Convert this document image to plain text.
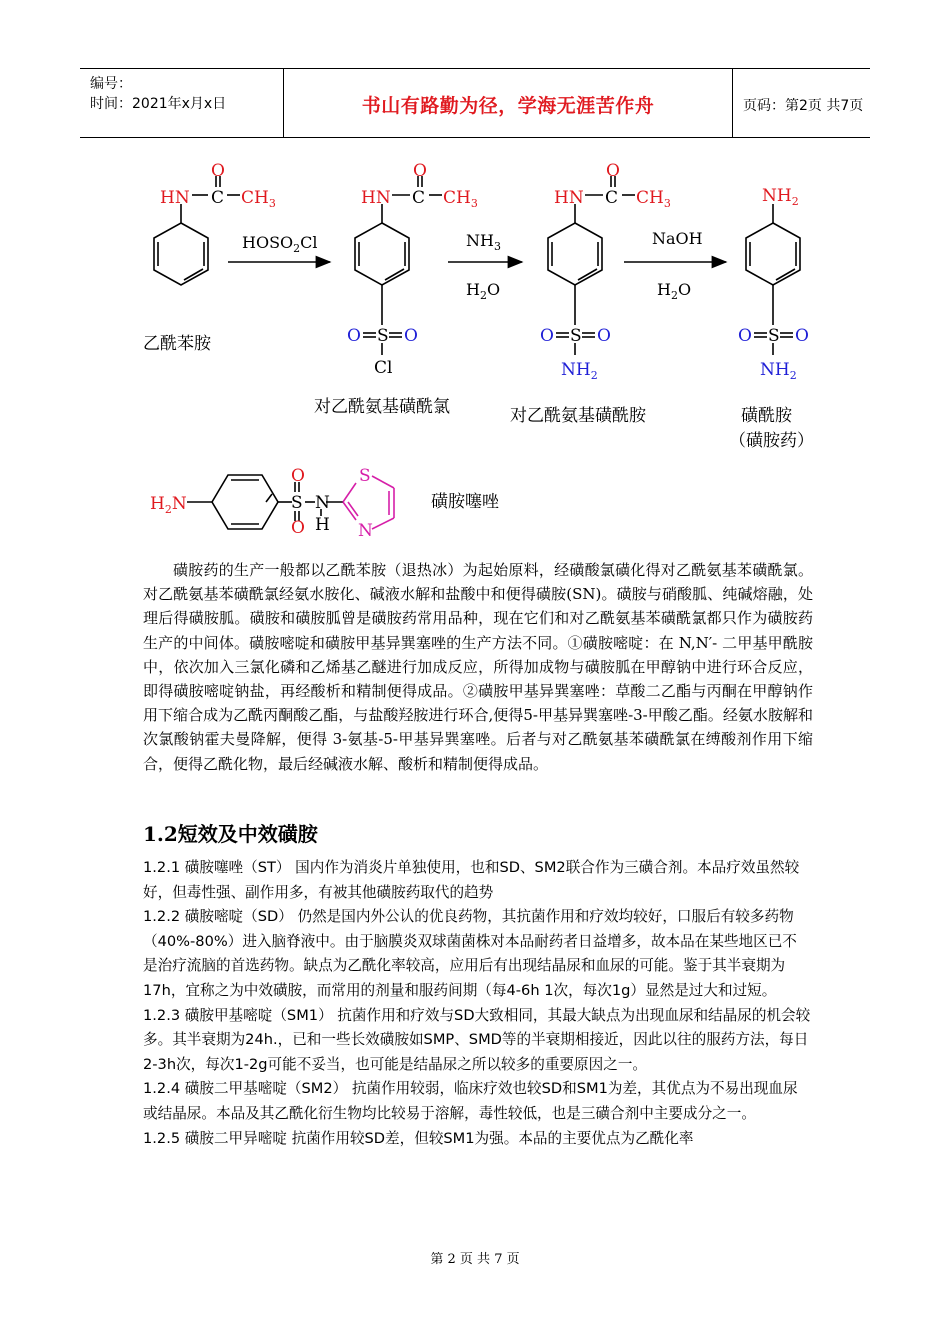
编号：
时间：2021年x月x日	书山有路勤为径，学海无涯苦作舟	页码：第2页 共7页
HN C
O
$CH_3$	HN C
O
$CH_3$
S
O	O
Cl
HN C
O
$CH_3$
S
O	O
$NH_2$
$NH_2$
S
O	O
$NH_2$
$HOSO_2Cl$	$NH_3$
$H_2O$
NaOH
$H_2O$
乙酰苯胺
对乙酰氨基磺酰氯	对乙酰氨基磺酰胺	磺酰胺
（磺胺药）
$H_2N$	S
O
O
N
H
S
N
磺胺噻唑

磺胺药的生产一般都以乙酰苯胺（退热冰）为起始原料，经磺酸氯磺化得对乙酰氨基苯磺酰氯。对乙酰氨基苯磺酰氯经氨水胺化、碱液水解和盐酸中和便得磺胺(SN)。磺胺与硝酸胍、纯碱熔融，处理后得磺胺胍。磺胺和磺胺胍曾是磺胺药常用品种，现在它们和对乙酰氨基苯磺酰氯都只作为磺胺药生产的中间体。磺胺嘧啶和磺胺甲基异巽塞唑的生产方法不同。①磺胺嘧啶：在 N,N′- 二甲基甲酰胺中，依次加入三氯化磷和乙烯基乙醚进行加成反应，所得加成物与磺胺胍在甲醇钠中进行环合反应，即得磺胺嘧啶钠盐，再经酸析和精制便得成品。②磺胺甲基异巽塞唑：草酸二乙酯与丙酮在甲醇钠作用下缩合成为乙酰丙酮酸乙酯，与盐酸羟胺进行环合,便得5-甲基异巽塞唑-3-甲酸乙酯。经氨水胺解和次氯酸钠霍夫曼降解，便得 3-氨基-5-甲基异巽塞唑。后者与对乙酰氨基苯磺酰氯在缚酸剂作用下缩合，便得乙酰化物，最后经碱液水解、酸析和精制便得成品。

1.2短效及中效磺胺

1.2.1 磺胺噻唑（ST） 国内作为消炎片单独使用，也和SD、SM2联合作为三磺合剂。本品疗效虽然较好，但毒性强、副作用多，有被其他磺胺药取代的趋势

1.2.2 磺胺嘧啶（SD） 仍然是国内外公认的优良药物，其抗菌作用和疗效均较好，口服后有较多药物（40%-80%）进入脑脊液中。由于脑膜炎双球菌菌株对本品耐药者日益增多，故本品在某些地区已不是治疗流脑的首选药物。缺点为乙酰化率较高，应用后有出现结晶尿和血尿的可能。鉴于其半衰期为17h，宜称之为中效磺胺，而常用的剂量和服药间期（每4-6h 1次，每次1g）显然是过大和过短。

1.2.3 磺胺甲基嘧啶（SM1） 抗菌作用和疗效与SD大致相同，其最大缺点为出现血尿和结晶尿的机会较多。其半衰期为24h.，已和一些长效磺胺如SMP、SMD等的半衰期相接近，因此以往的服药方法，每日2-3h次，每次1-2g可能不妥当，也可能是结晶尿之所以较多的重要原因之一。

1.2.4 磺胺二甲基嘧啶（SM2） 抗菌作用较弱，临床疗效也较SD和SM1为差，其优点为不易出现血尿或结晶尿。本品及其乙酰化衍生物均比较易于溶解，毒性较低，也是三磺合剂中主要成分之一。

1.2.5 磺胺二甲异嘧啶 抗菌作用较SD差，但较SM1为强。本品的主要优点为乙酰化率

第 2 页 共 7 页
